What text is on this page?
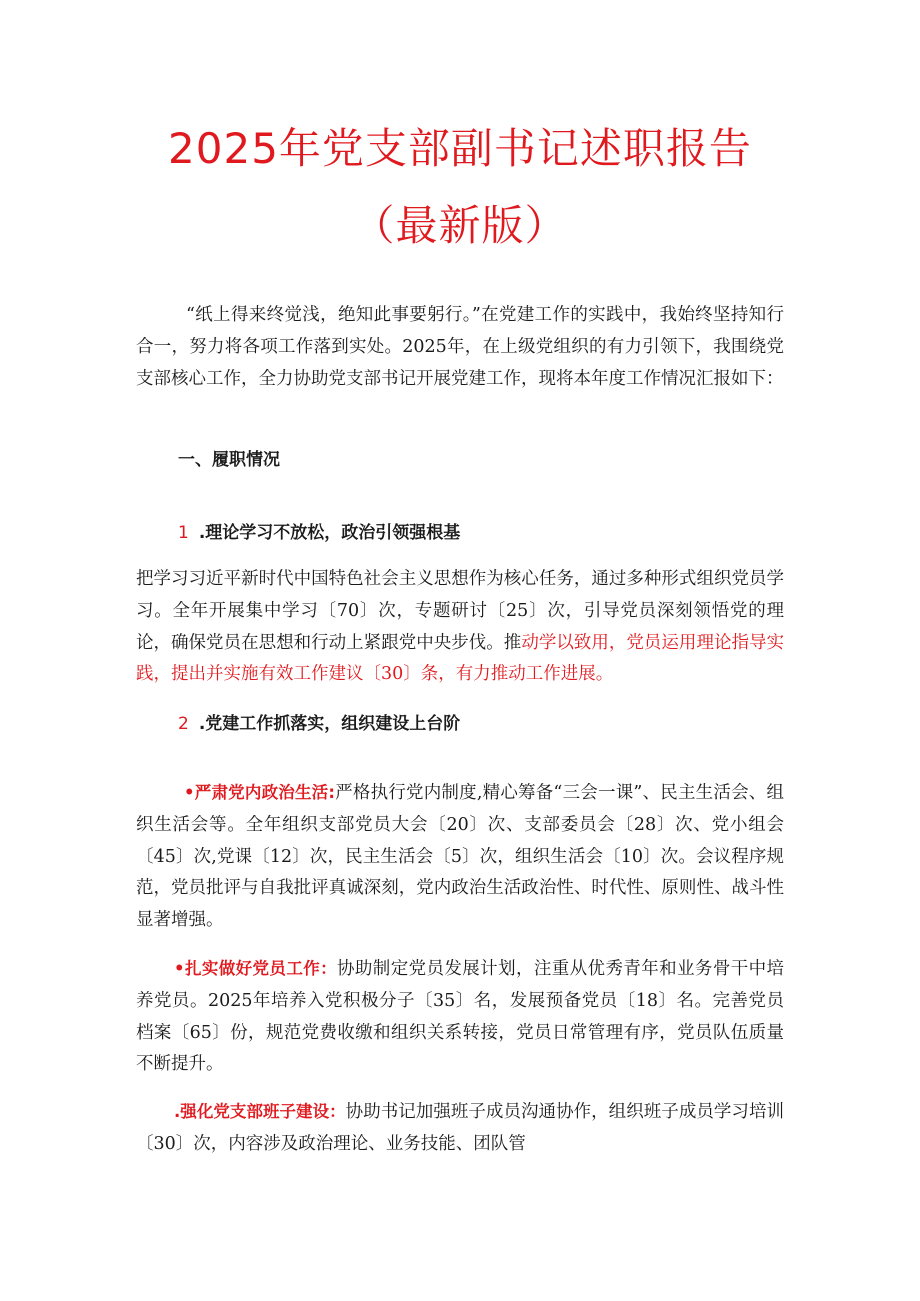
2025年党支部副书记述职报告
（最新版）

“纸上得来终觉浅，绝知此事要躬行。”在党建工作的实践中，我始终坚持知行合一，努力将各项工作落到实处。2025年，在上级党组织的有力引领下，我围绕党支部核心工作，全力协助党支部书记开展党建工作，现将本年度工作情况汇报如下：

一、履职情况
1 .理论学习不放松，政治引领强根基

把学习习近平新时代中国特色社会主义思想作为核心任务，通过多种形式组织党员学习。全年开展集中学习〔70〕次，专题研讨〔25〕次，引导党员深刻领悟党的理论，确保党员在思想和行动上紧跟党中央步伐。推动学以致用，党员运用理论指导实践，提出并实施有效工作建议〔30〕条，有力推动工作进展。

2 .党建工作抓落实，组织建设上台阶

•严肃党内政治生活:严格执行党内制度,精心筹备“三会一课”、民主生活会、组织生活会等。全年组织支部党员大会〔20〕次、支部委员会〔28〕次、党小组会〔45〕次,党课〔12〕次，民主生活会〔5〕次，组织生活会〔10〕次。会议程序规范，党员批评与自我批评真诚深刻，党内政治生活政治性、时代性、原则性、战斗性显著增强。

•扎实做好党员工作：协助制定党员发展计划，注重从优秀青年和业务骨干中培养党员。2025年培养入党积极分子〔35〕名，发展预备党员〔18〕名。完善党员档案〔65〕份，规范党费收缴和组织关系转接，党员日常管理有序，党员队伍质量不断提升。

.强化党支部班子建设：协助书记加强班子成员沟通协作，组织班子成员学习培训〔30〕次，内容涉及政治理论、业务技能、团队管
